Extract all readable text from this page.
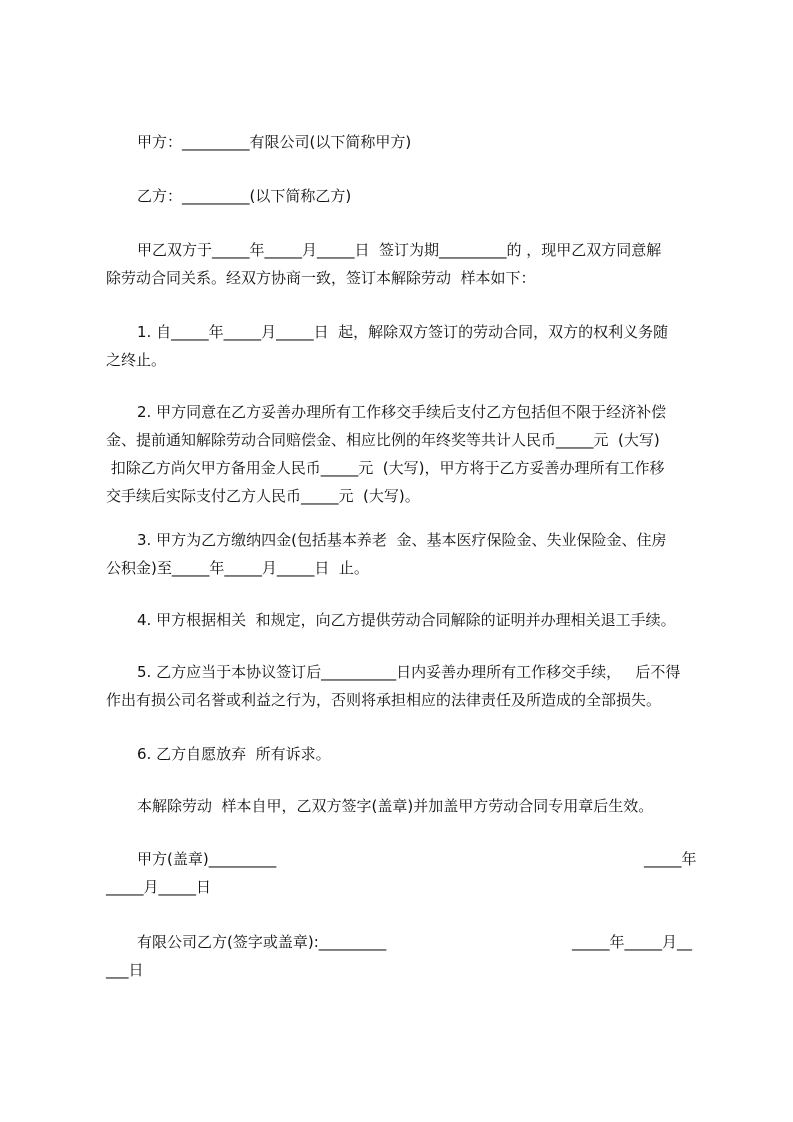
甲方：_________有限公司(以下简称甲方)
乙方：_________(以下简称乙方)
甲乙双方于_____年_____月_____日  签订为期_________的 ，现甲乙双方同意解
除劳动合同关系。经双方协商一致，签订本解除劳动  样本如下：
1. 自_____年_____月_____日  起，解除双方签订的劳动合同，双方的权利义务随
之终止。
2. 甲方同意在乙方妥善办理所有工作移交手续后支付乙方包括但不限于经济补偿
金、提前通知解除劳动合同赔偿金、相应比例的年终奖等共计人民币_____元  (大写)
扣除乙方尚欠甲方备用金人民币_____元  (大写)，甲方将于乙方妥善办理所有工作移
交手续后实际支付乙方人民币_____元  (大写)。
3. 甲方为乙方缴纳四金(包括基本养老  金、基本医疗保险金、失业保险金、住房
公积金)至_____年_____月_____日  止。
4. 甲方根据相关  和规定，向乙方提供劳动合同解除的证明并办理相关退工手续。
5. 乙方应当于本协议签订后__________日内妥善办理所有工作移交手续，   后不得
作出有损公司名誉或利益之行为，否则将承担相应的法律责任及所造成的全部损失。
6. 乙方自愿放弃  所有诉求。
本解除劳动  样本自甲，乙双方签字(盖章)并加盖甲方劳动合同专用章后生效。
甲方(盖章)_________	_____年
_____月_____日
有限公司乙方(签字或盖章):_________	_____年_____月__
___日
